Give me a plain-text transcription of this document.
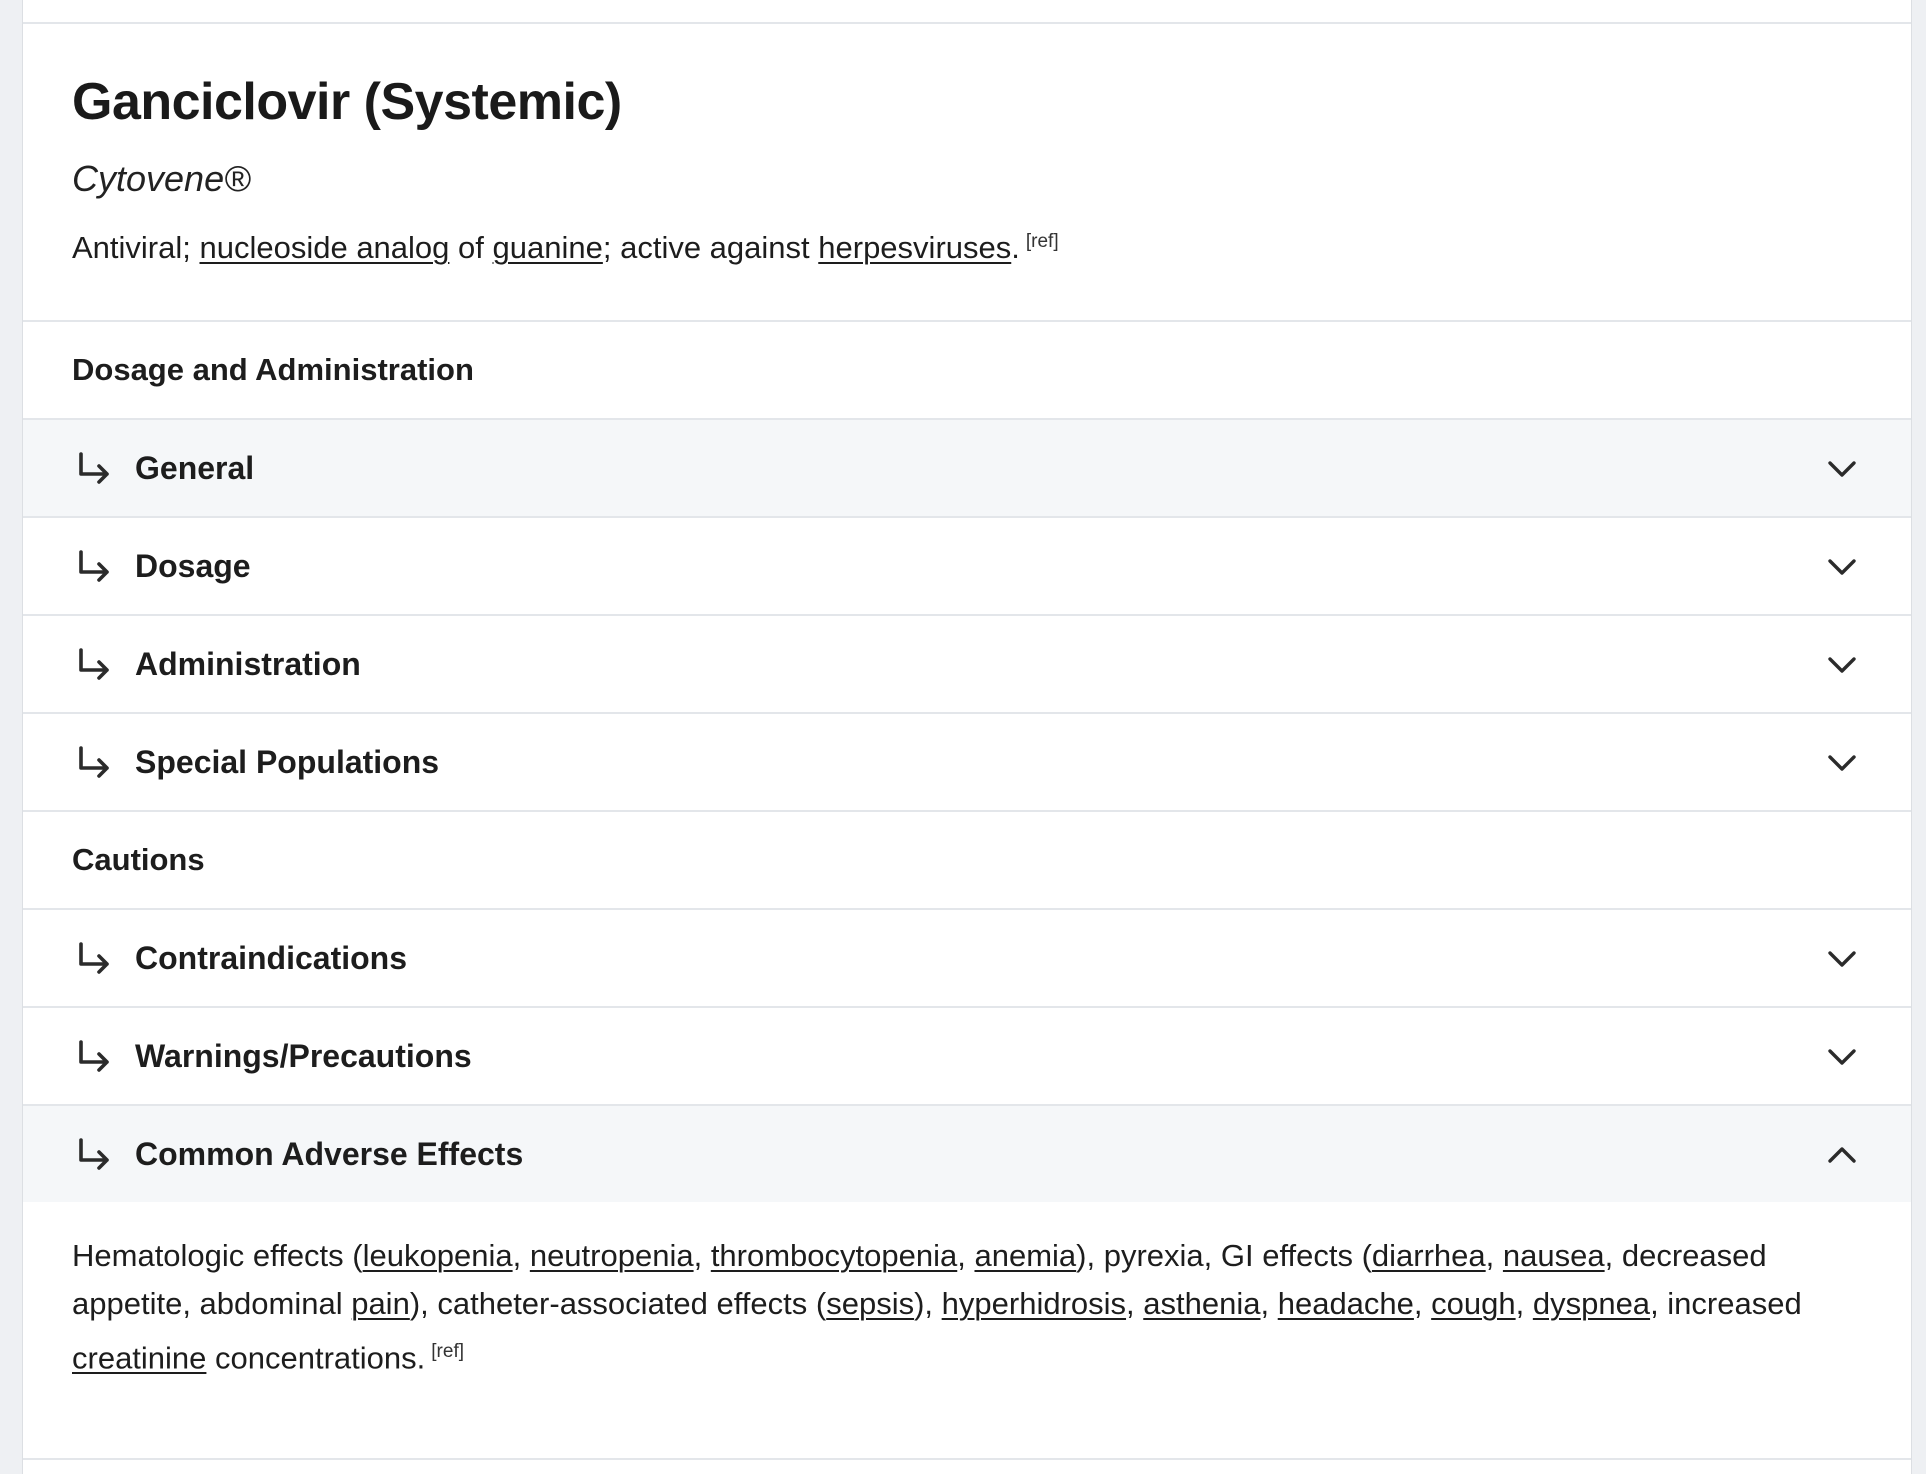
Ganciclovir (Systemic)
Cytovene®
Antiviral; nucleoside analog of guanine; active against herpesviruses. [ref]
Dosage and Administration
General
Dosage
Administration
Special Populations
Cautions
Contraindications
Warnings/Precautions
Common Adverse Effects
Hematologic effects (leukopenia, neutropenia, thrombocytopenia, anemia), pyrexia, GI effects (diarrhea, nausea, decreased appetite, abdominal pain), catheter-associated effects (sepsis), hyperhidrosis, asthenia, headache, cough, dyspnea, increased creatinine concentrations. [ref]
